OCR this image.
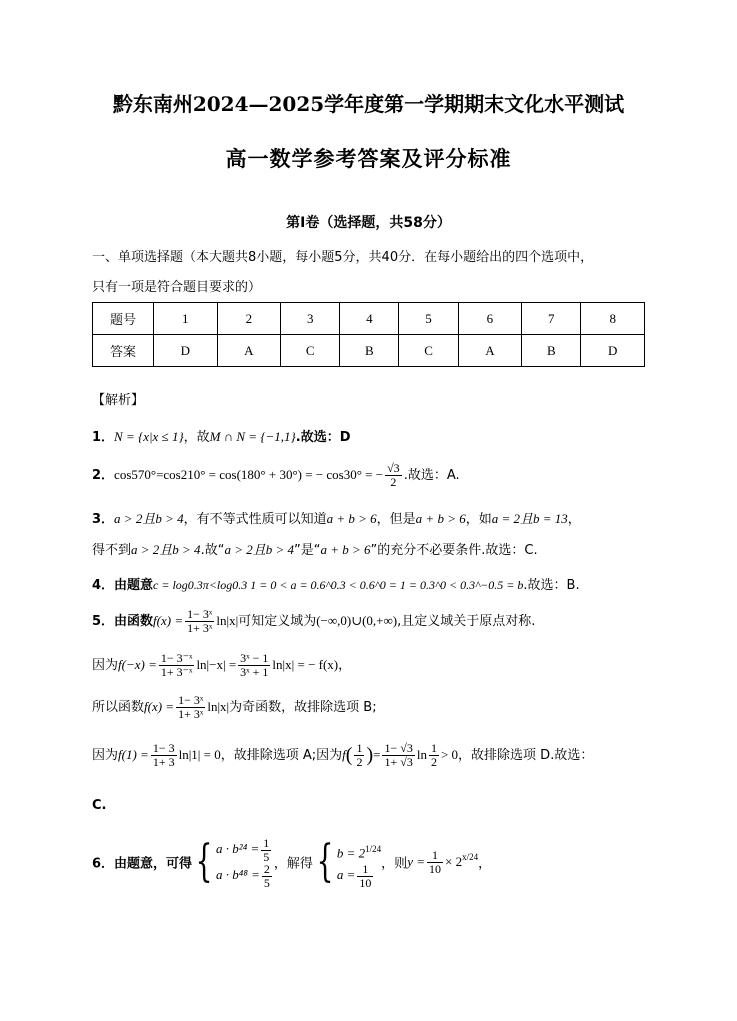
黔东南州2024—2025学年度第一学期期末文化水平测试
高一数学参考答案及评分标准
第Ⅰ卷（选择题，共58分）
一、单项选择题（本大题共8小题，每小题5分，共40分．在每小题给出的四个选项中，
只有一项是符合题目要求的）
题号	1	2	3	4	5	6	7	8
答案	D	A	C	B	C	A	B	D
【解析】
1．N = {x|x ≤ 1}，故M ∩ N = {−1,1}.故选：D
2．cos570°=cos210° = cos(180° + 30°) = − cos30° = − $\frac{√3}{2}$ .故选：A.
3．a > 2且b > 4，有不等式性质可以知道a + b > 6，但是a + b > 6，如a = 2且b = 13，
得不到a > 2且b > 4.故“a > 2且b > 4”是“a + b > 6”的充分不必要条件.故选：C.
4．由题意c = log0.3π<log0.3 1 = 0 < a = 0.6^0.3 < 0.6^0 = 1 = 0.3^0 < 0.3^−0.5 = b.故选：B.
5．由函数$f(x) = \frac{\text{1− 3ˣ}}{\text{1+ 3ˣ}} \ln|x|$可知定义域为(−∞,0)∪(0,+∞),且定义域关于原点对称.
因为$f(-x) = \frac{\text{1− 3⁻ˣ}}{\text{1+ 3⁻ˣ}} \ln|-x| = \frac{\text{3ˣ − 1}}{\text{3ˣ + 1}} \ln|x|$ = − f(x)，
所以函数$f(x) = \frac{\text{1− 3ˣ}}{\text{1+ 3ˣ}} \ln|x|$为奇函数，故排除选项 B;
因为$f(1) = \frac{1- 3}{1+ 3} \ln|1| = 0$，故排除选项 A;因为$f( \frac{1}{2}$ )= $\frac{1- √3}{1+ √3}$ $\ln \frac{1}{2} > 0$，故排除选项 D.故选：
C.
6．由题意，可得{ $a \cdot b^{24} = \frac{1}{5}$
$a \cdot b^{48} = \frac{2}{5}$ ，解得{ $b = 2^{1/24}$
$a = \frac{1}{10}$ ，则$y = \frac{1}{10} \times 2^{x/24}$，
